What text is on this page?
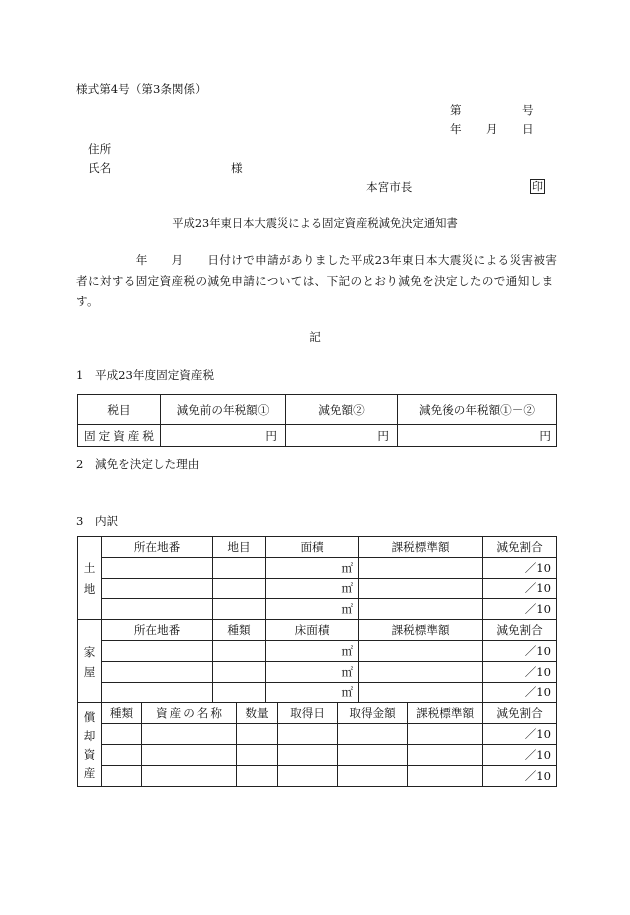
様式第4号（第3条関係）
第	号
年 月 日
住所
氏名	様
本宮市長	印
平成23年東日本大震災による固定資産税減免決定通知書
　　　　　年　　月　　日付けで申請がありました平成23年東日本大震災による災害被害
者に対する固定資産税の減免申請については、下記のとおり減免を決定したので通知しま
す。
記
1　平成23年度固定資産税
税目	減免前の年税額①	減免額②	減免後の年税額①－②
固定資産税	円	円	円
2　減免を決定した理由
3　内訳
土地	所在地番		地目		面積			課税標準額		減免割合
					㎡					／10
					㎡					／10
					㎡					／10
家屋	所在地番		種類		床面積			課税標準額		減免割合
					㎡					／10
					㎡					／10
					㎡					／10
償却資産	種類	資産の名称		数量		取得日	取得金額		課税標準額	減免割合
										／10
										／10
										／10
